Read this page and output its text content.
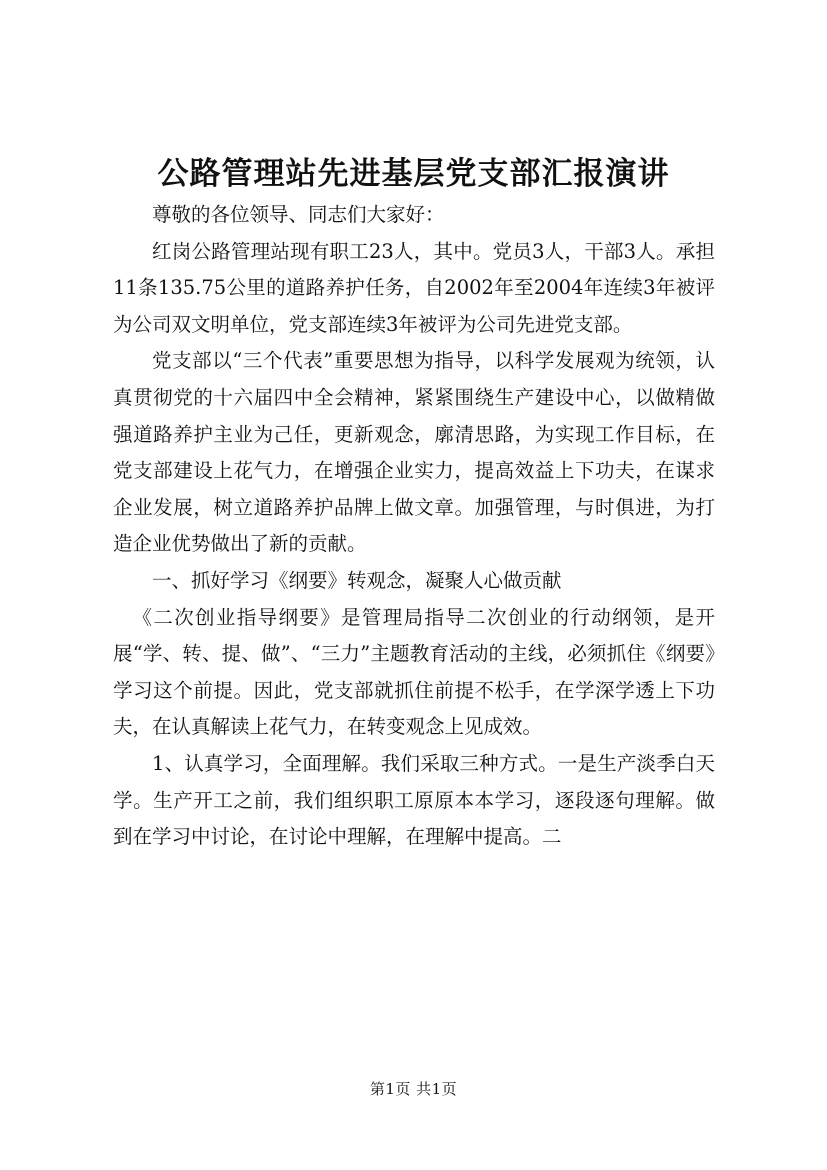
公路管理站先进基层党支部汇报演讲

尊敬的各位领导、同志们大家好：

红岗公路管理站现有职工23人，其中。党员3人，干部3人。承担11条135.75公里的道路养护任务，自2002年至2004年连续3年被评为公司双文明单位，党支部连续3年被评为公司先进党支部。

党支部以“三个代表”重要思想为指导，以科学发展观为统领，认真贯彻党的十六届四中全会精神，紧紧围绕生产建设中心，以做精做强道路养护主业为己任，更新观念，廓清思路，为实现工作目标，在党支部建设上花气力，在增强企业实力，提高效益上下功夫，在谋求企业发展，树立道路养护品牌上做文章。加强管理，与时俱进，为打造企业优势做出了新的贡献。

一、抓好学习《纲要》转观念，凝聚人心做贡献

《二次创业指导纲要》是管理局指导二次创业的行动纲领，是开展“学、转、提、做”、“三力”主题教育活动的主线，必须抓住《纲要》学习这个前提。因此，党支部就抓住前提不松手，在学深学透上下功夫，在认真解读上花气力，在转变观念上见成效。

1、认真学习，全面理解。我们采取三种方式。一是生产淡季白天学。生产开工之前，我们组织职工原原本本学习，逐段逐句理解。做到在学习中讨论，在讨论中理解，在理解中提高。二

第1页 共1页
